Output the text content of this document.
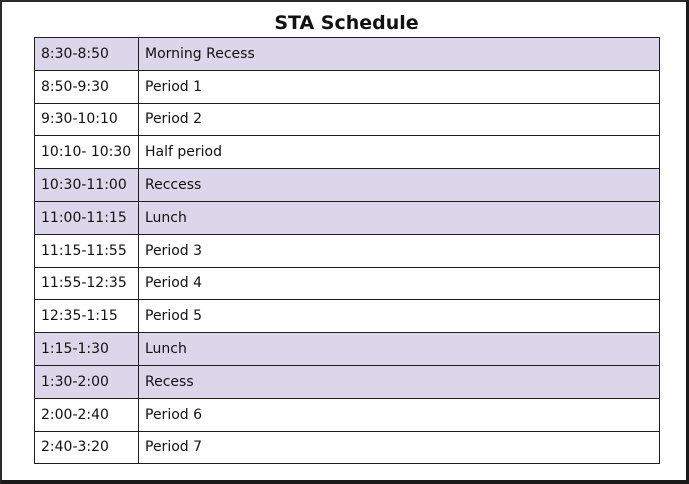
STA Schedule
8:30-8:50	Morning Recess
8:50-9:30	Period 1
9:30-10:10	Period 2
10:10- 10:30	Half period
10:30-11:00	Reccess
11:00-11:15	Lunch
11:15-11:55	Period 3
11:55-12:35	Period 4
12:35-1:15	Period 5
1:15-1:30	Lunch
1:30-2:00	Recess
2:00-2:40	Period 6
2:40-3:20	Period 7
